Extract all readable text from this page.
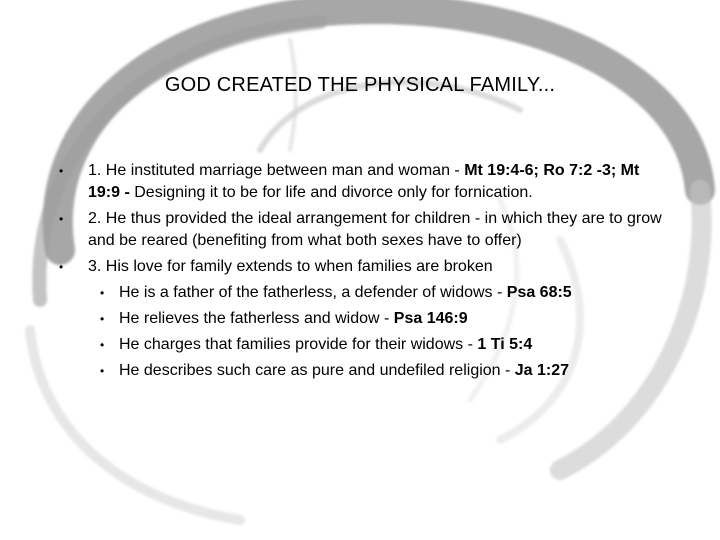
GOD CREATED THE PHYSICAL FAMILY...
• 1. He instituted marriage between man and woman - Mt 19:4-6; Ro 7:2 -3; Mt 19:9 - Designing it to be for life and divorce only for fornication.
• 2. He thus provided the ideal arrangement for children - in which they are to grow and be reared (benefiting from what both sexes have to offer)
• 3. His love for family extends to when families are broken
• He is a father of the fatherless, a defender of widows - Psa 68:5
• He relieves the fatherless and widow - Psa 146:9
• He charges that families provide for their widows - 1 Ti 5:4
• He describes such care as pure and undefiled religion - Ja 1:27
